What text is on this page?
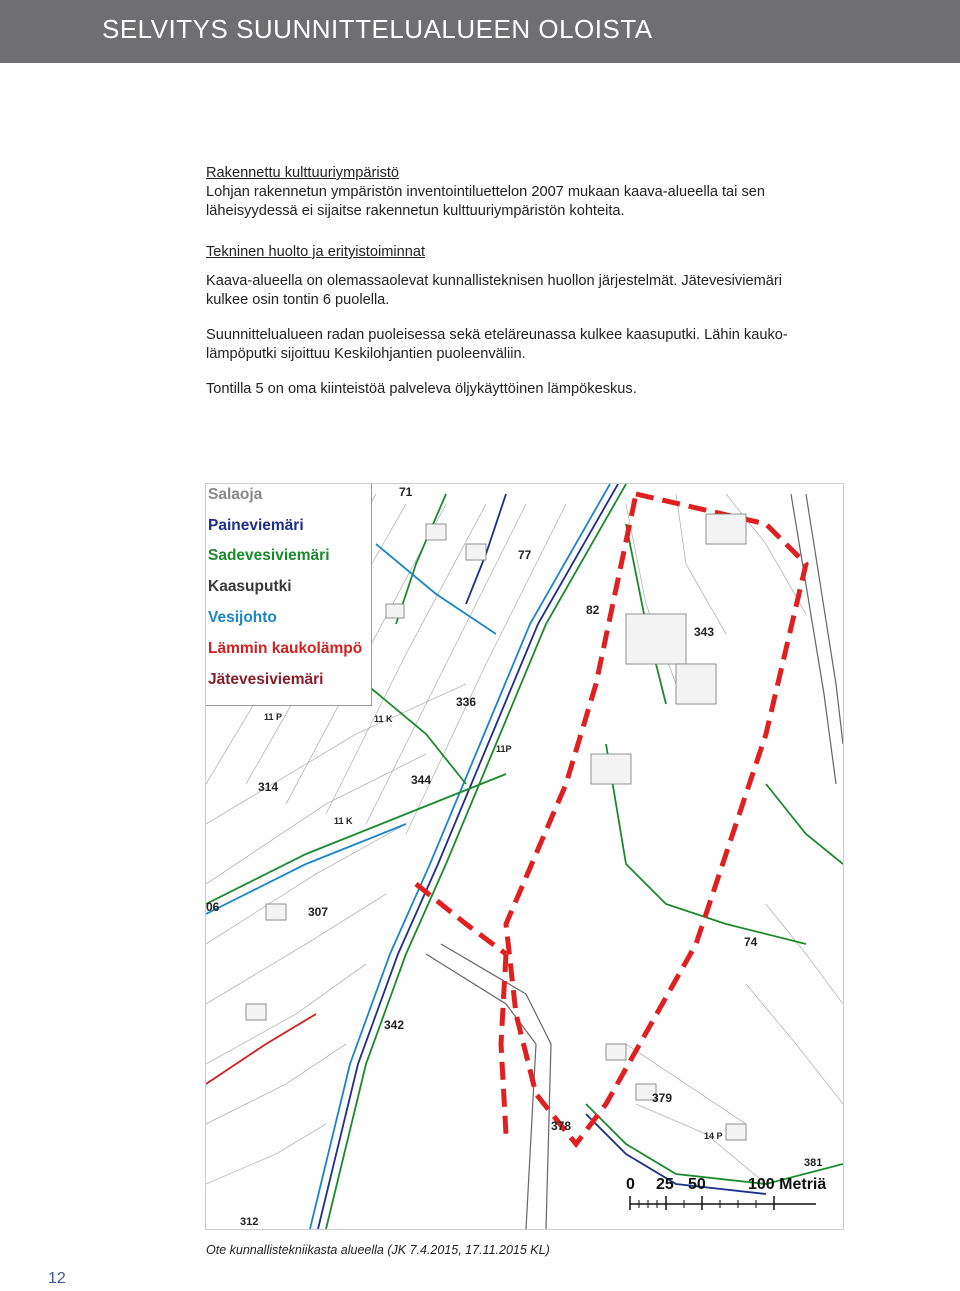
SELVITYS SUUNNITTELUALUEEN OLOISTA

Rakennettu kulttuuriympäristö

Lohjan rakennetun ympäristön inventointiluettelon 2007 mukaan kaava-alueella tai sen

läheisyydessä ei sijaitse rakennetun kulttuuriympäristön kohteita.

Tekninen huolto ja erityistoiminnat

Kaava-alueella on olemassaolevat kunnallisteknisen huollon järjestelmät. Jätevesiviemäri

kulkee osin tontin 6 puolella.

Suunnittelualueen radan puoleisessa sekä eteläreunassa kulkee kaasuputki. Lähin kauko-

lämpöputki sijoittuu Keskilohjantien puoleenväliin.

Tontilla 5 on oma kiinteistöä palveleva öljykäyttöinen lämpökeskus.

71
77
82
343
336
344
314
307
342
379
378
381
312
06
74
11 P	11 K
11P
11 K
14 P
Salaoja
Paineviemäri
Sadevesiviemäri
Kaasuputki
Vesijohto
Lämmin kaukolämpö
Jätevesiviemäri
0 25 50	100 Metriä
Ote kunnallistekniikasta alueella (JK 7.4.2015, 17.11.2015 KL)
12
